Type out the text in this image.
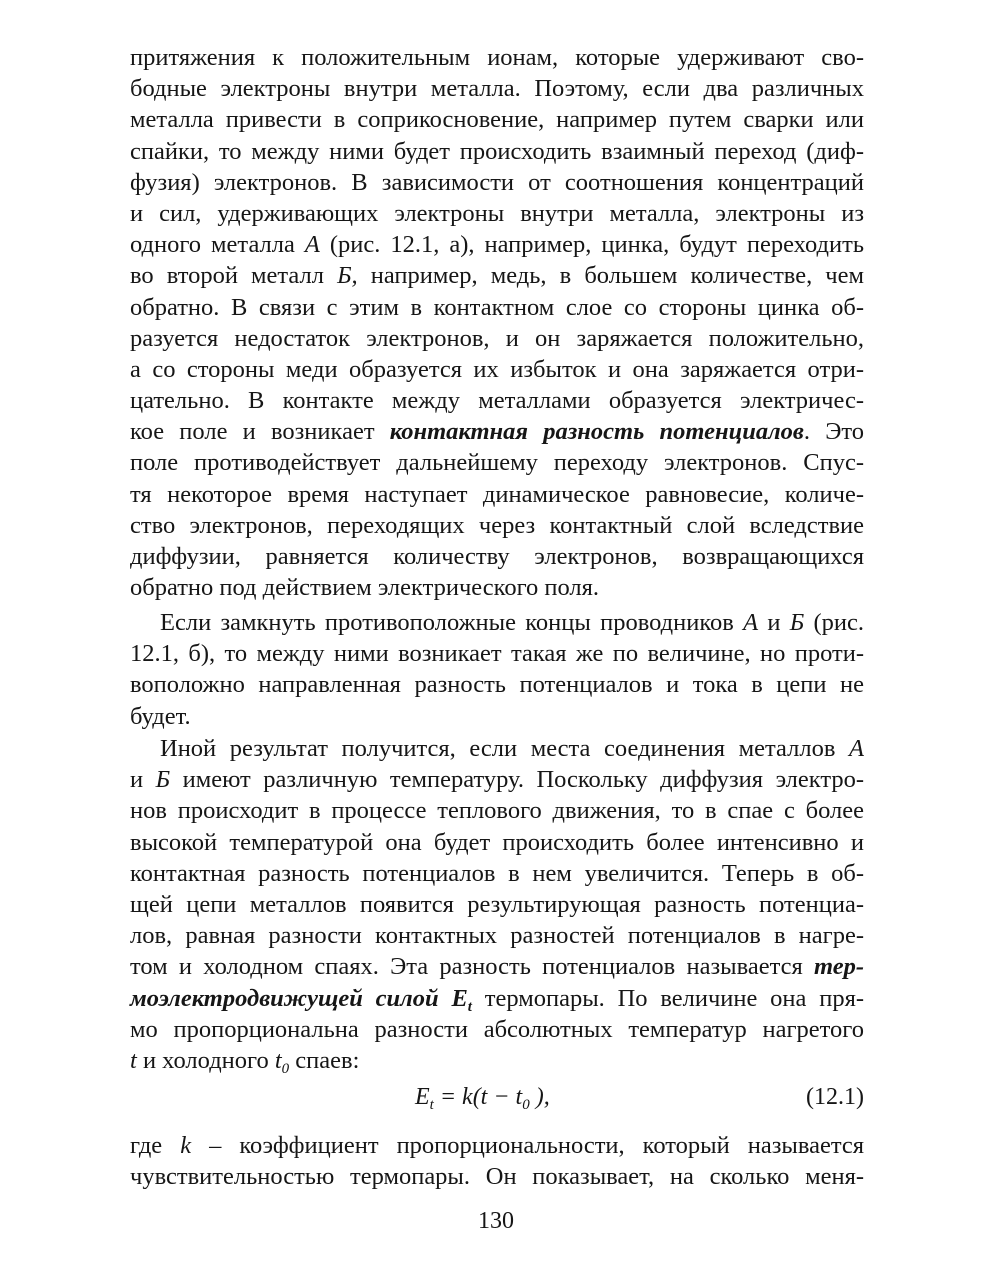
притяжения к положительным ионам, которые удерживают сво-
бодные электроны внутри металла. Поэтому, если два различных
металла привести в соприкосновение, например путем сварки или
спайки, то между ними будет происходить взаимный переход (диф-
фузия) электронов. В зависимости от соотношения концентраций
и сил, удерживающих электроны внутри металла, электроны из
одного металла А (рис. 12.1, а), например, цинка, будут переходить
во второй металл Б, например, медь, в большем количестве, чем
обратно. В связи с этим в контактном слое со стороны цинка об-
разуется недостаток электронов, и он заряжается положительно,
а со стороны меди образуется их избыток и она заряжается отри-
цательно. В контакте между металлами образуется электричес-
кое поле и возникает контактная разность потенциалов. Это
поле противодействует дальнейшему переходу электронов. Спус-
тя некоторое время наступает динамическое равновесие, количе-
ство электронов, переходящих через контактный слой вследствие
диффузии, равняется количеству электронов, возвращающихся
обратно под действием электрического поля.
Если замкнуть противоположные концы проводников А и Б (рис.
12.1, б), то между ними возникает такая же по величине, но проти-
воположно направленная разность потенциалов и тока в цепи не
будет.
Иной результат получится, если места соединения металлов А
и Б имеют различную температуру. Поскольку диффузия электро-
нов происходит в процессе теплового движения, то в спае с более
высокой температурой она будет происходить более интенсивно и
контактная разность потенциалов в нем увеличится. Теперь в об-
щей цепи металлов появится результирующая разность потенциа-
лов, равная разности контактных разностей потенциалов в нагре-
том и холодном спаях. Эта разность потенциалов называется тер-
моэлектродвижущей силой $E_t$ термопары. По величине она пря-
мо пропорциональна разности абсолютных температур нагретого
t и холодного $t_0$ спаев:
$E_t = k(t - t_0$ ),	(12.1)
где k – коэффициент пропорциональности, который называется
чувствительностью термопары. Он показывает, на сколько меня-
130
